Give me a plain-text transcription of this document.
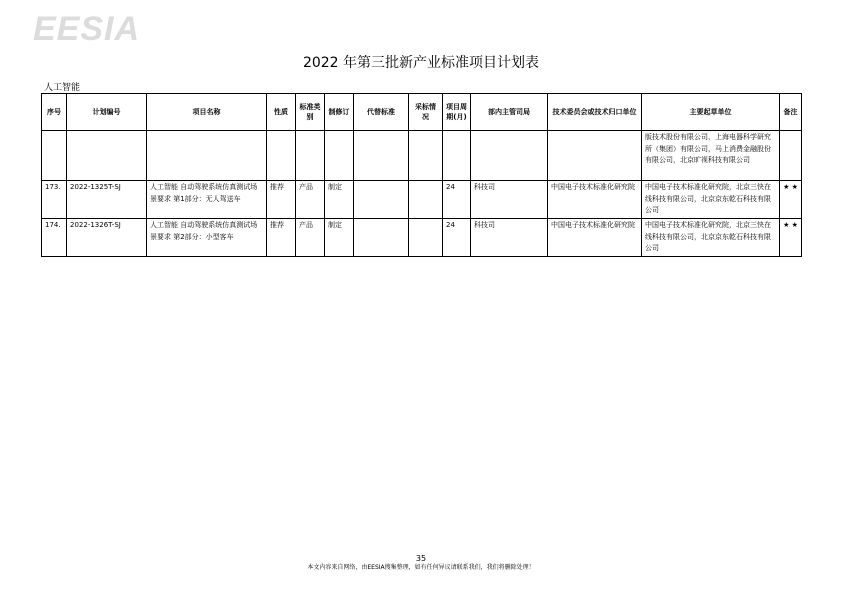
EESIA
2022 年第三批新产业标准项目计划表
人工智能
序号	计划编号	项目名称	性质	标准类别	制修订	代替标准	采标情况	项目周期(月)	部内主管司局	技术委员会或技术归口单位	主要起草单位	备注
											版技术股份有限公司，上海电器科学研究所（集团）有限公司，马上消费金融股份有限公司，北京旷视科技有限公司	
173.	2022-1325T-SJ	人工智能 自动驾驶系统仿真测试场景要求 第1部分：无人驾送车	推荐	产品	制定			24	科技司	中国电子技术标准化研究院	中国电子技术标准化研究院，北京三快在线科技有限公司，北京京东乾石科技有限公司	★ ★
174.	2022-1326T-SJ	人工智能 自动驾驶系统仿真测试场景要求 第2部分：小型客车	推荐	产品	制定			24	科技司	中国电子技术标准化研究院	中国电子技术标准化研究院，北京三快在线科技有限公司，北京京东乾石科技有限公司	★ ★
35
本文内容来自网络，由EESIA搜集整理，如有任何异议请联系我们，我们将删除处理！
